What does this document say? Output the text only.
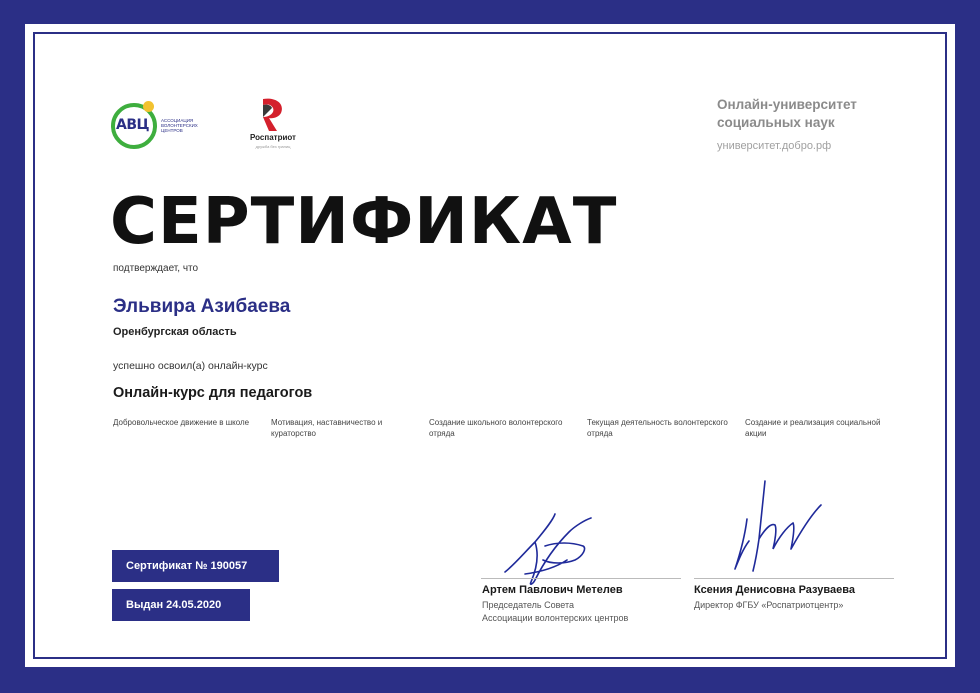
АВЦ	АССОЦИАЦИЯ ВОЛОНТЕРСКИХ ЦЕНТРОВ
Роспатриот
дружба без границ
Онлайн-университет
социальных наук
университет.добро.рф
СЕРТИФИКАТ
подтверждает, что
Эльвира Азибаева
Оренбургская область
успешно освоил(а) онлайн-курс
Онлайн-курс для педагогов
Добровольческое движение в школе	Мотивация, наставничество и кураторство
Создание школьного волонтерского отряда
Текущая деятельность волонтерского отряда
Создание и реализация социальной акции
Сертификат № 190057
Выдан 24.05.2020
Артем Павлович Метелев
Председатель Совета
Ассоциации волонтерских центров
Ксения Денисовна Разуваева
Директор ФГБУ «Роспатриотцентр»
